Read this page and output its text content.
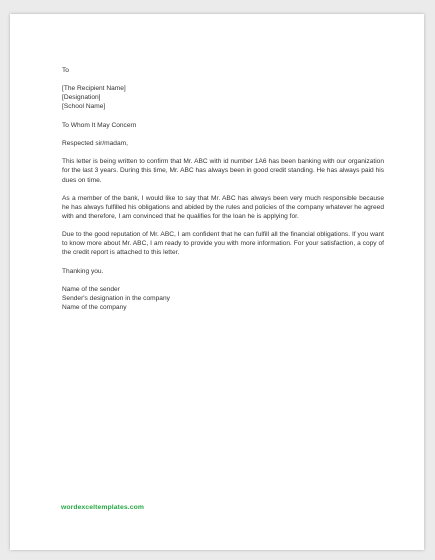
To

[The Recipient Name]

[Designation]

[School Name]

To Whom It May Concern

Respected sir/madam,

This letter is being written to confirm that Mr. ABC with id number 1A6 has been banking with our organization for the last 3 years. During this time, Mr. ABC has always been in good credit standing. He has always paid his dues on time.

As a member of the bank, I would like to say that Mr. ABC has always been very much responsible because he has always fulfilled his obligations and abided by the rules and policies of the company whatever he agreed with and therefore, I am convinced that he qualifies for the loan he is applying for.

Due to the good reputation of Mr. ABC, I am confident that he can fulfill all the financial obligations. If you want to know more about Mr. ABC, I am ready to provide you with more information. For your satisfaction, a copy of the credit report is attached to this letter.

Thanking you.

Name of the sender

Sender's designation in the company

Name of the company

wordexceltemplates.com
